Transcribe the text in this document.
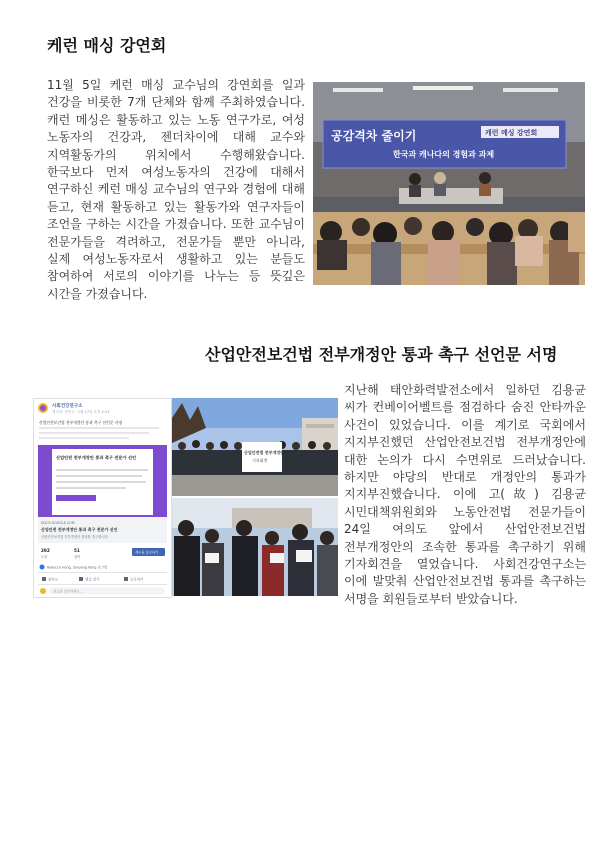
케런 매싱 강연회
11월 5일 케런 매싱 교수님의 강연회를 일과 건강을 비롯한 7개 단체와 함께 주최하였습니다. 캐런 메싱은 활동하고 있는 노동 연구가로, 여성 노동자의 건강과, 젠더차이에 대해 교수와 지역활동가의 위치에서 수행해왔습니다. 한국보다 먼저 여성노동자의 건강에 대해서 연구하신 케런 매싱 교수님의 연구와 경험에 대해 듣고, 현재 활동하고 있는 활동가와 연구자들이 조언을 구하는 시간을 가졌습니다. 또한 교수님이 전문가들을 격려하고, 전문가들 뿐만 아니라, 실제 여성노동자로서 생활하고 있는 분들도 참여하여 서로의 이야기를 나누는 등 뜻깊은 시간을 가졌습니다.
공감격차 줄이기	캐런 메싱 강연회
한국과 캐나다의 경험과 과제
산업안전보건법 전부개정안 통과 촉구 선언문 서명
사회건강연구소
게시자: 정민주 · 1월 17일 오후 4:13
산업안전보건법 전부개정안 통과 촉구 선언문 서명
산업안전 전부개정안 통과 촉구 전문가 선언
DOCS.GOOGLE.COM
산업안전 전부개정안 통과 촉구 전문가 선언
산업안전보건법 전부개정안 통과를 촉구합니다
292
도달
51
참여
게시물 홍보하기
Rebecca Hong, Sonyong Kang 외 7명
좋아요	댓글 달기	공유하기
댓글을 입력하세요...
산업안전법 전부개정안 통과
기자회견
지난해 태안화력발전소에서 일하던 김용균 씨가 컨베이어벨트를 점검하다 숨진 안타까운 사건이 있었습니다. 이를 계기로 국회에서 지지부진했던 산업안전보건법 전부개정안에 대한 논의가 다시 수면위로 드러났습니다. 하지만 야당의 반대로 개정안의 통과가 지지부진했습니다. 이에 고(故) 김용균 시민대책위원회와 노동안전법 전문가들이 24일 여의도 앞에서 산업안전보건법 전부개정안의 조속한 통과를 촉구하기 위해 기자회견을 열었습니다. 사회건강연구소는 이에 발맞춰 산업안전보건법 통과를 촉구하는 서명을 회원들로부터 받았습니다.
